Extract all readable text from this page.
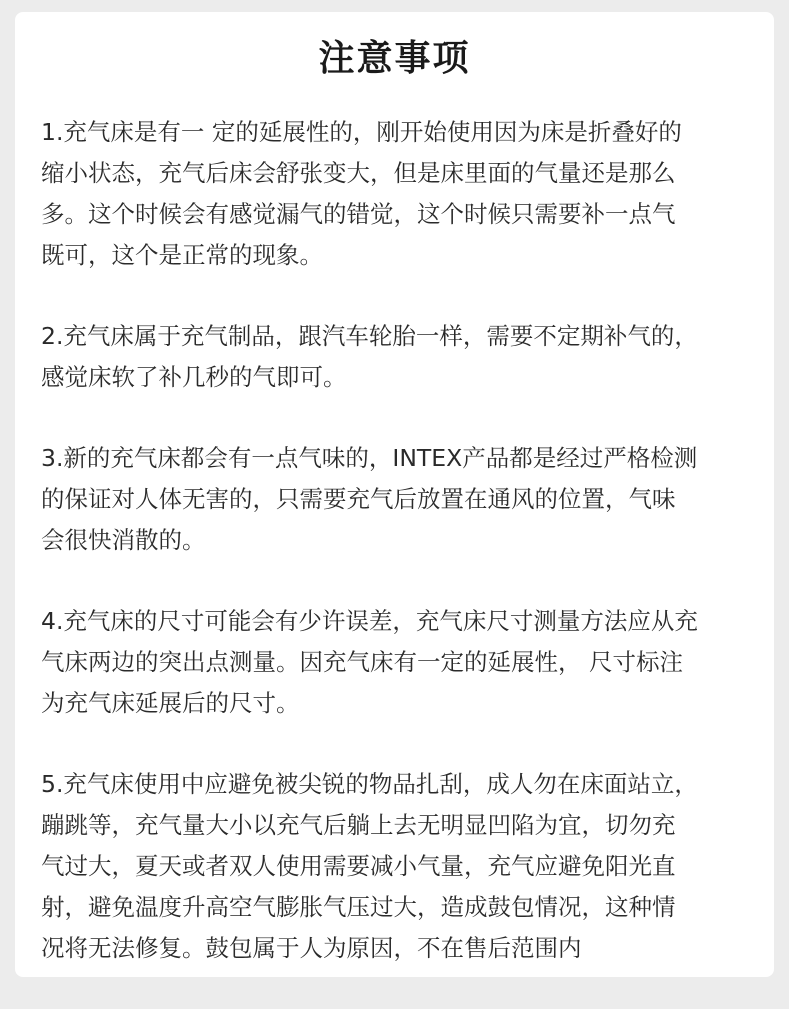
注意事项

1.充气床是有一 定的延展性的，刚开始使用因为床是折叠好的
缩小状态，充气后床会舒张变大，但是床里面的气量还是那么
多。这个时候会有感觉漏气的错觉，这个时候只需要补一点气
既可，这个是正常的现象。

2.充气床属于充气制品，跟汽车轮胎一样，需要不定期补气的，
感觉床软了补几秒的气即可。

3.新的充气床都会有一点气味的，INTEX产品都是经过严格检测
的保证对人体无害的，只需要充气后放置在通风的位置，气味
会很快消散的。

4.充气床的尺寸可能会有少许误差，充气床尺寸测量方法应从充
气床两边的突出点测量。因充气床有一定的延展性， 尺寸标注
为充气床延展后的尺寸。

5.充气床使用中应避免被尖锐的物品扎刮，成人勿在床面站立，
蹦跳等，充气量大小以充气后躺上去无明显凹陷为宜，切勿充
气过大，夏天或者双人使用需要减小气量，充气应避免阳光直
射，避免温度升高空气膨胀气压过大，造成鼓包情况，这种情
况将无法修复。鼓包属于人为原因，不在售后范围内
